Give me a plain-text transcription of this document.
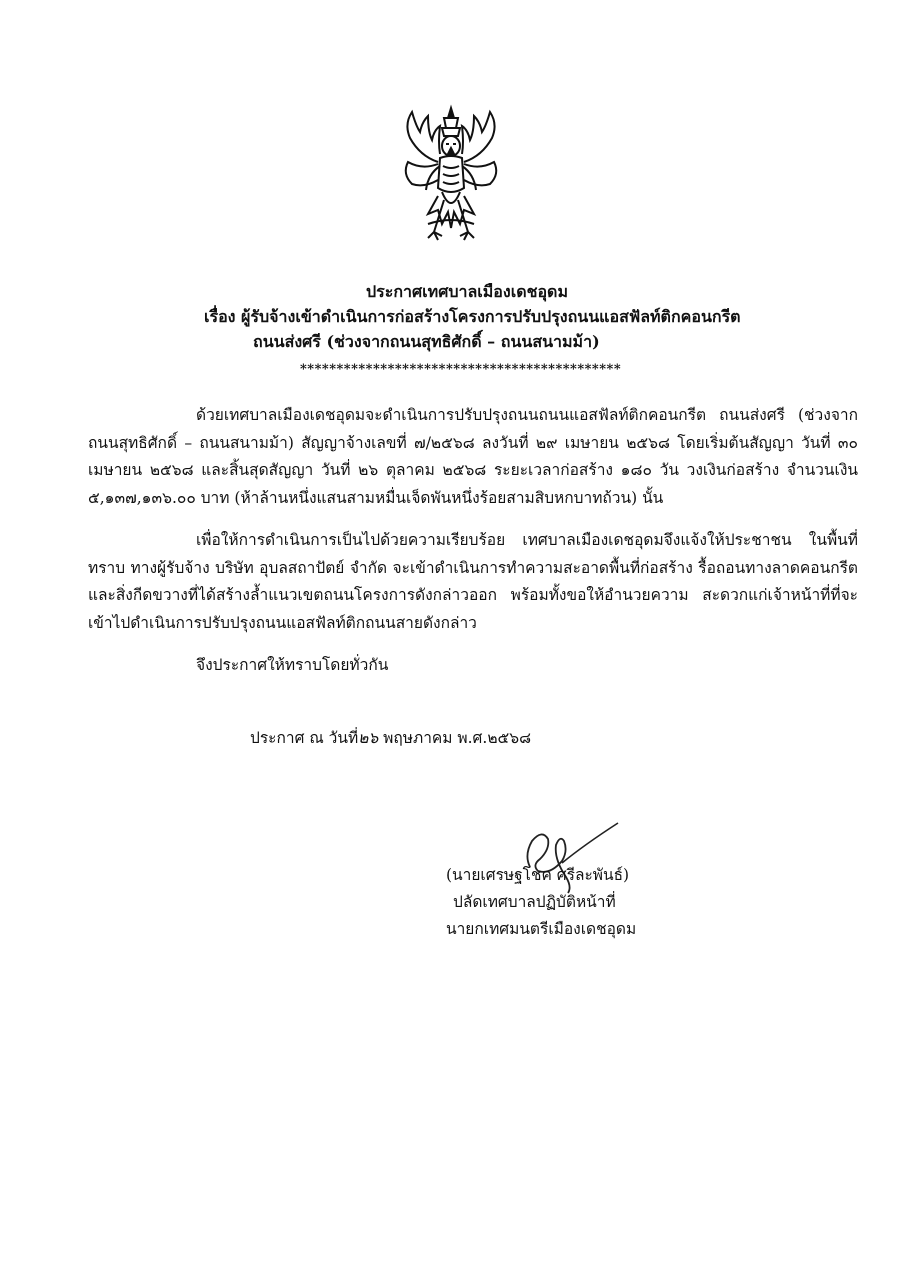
ประกาศเทศบาลเมืองเดชอุดม
เรื่อง ผู้รับจ้างเข้าดำเนินการก่อสร้างโครงการปรับปรุงถนนแอสฟัลท์ติกคอนกรีต
ถนนส่งศรี (ช่วงจากถนนสุทธิศักดิ์ – ถนนสนามม้า)
********************************************
ด้วยเทศบาลเมืองเดชอุดมจะดำเนินการปรับปรุงถนนถนนแอสฟัลท์ติกคอนกรีต ถนนส่งศรี (ช่วงจากถนนสุทธิศักดิ์ – ถนนสนามม้า) สัญญาจ้างเลขที่ ๗/๒๕๖๘ ลงวันที่ ๒๙ เมษายน ๒๕๖๘ โดยเริ่มต้นสัญญา วันที่ ๓๐ เมษายน ๒๕๖๘ และสิ้นสุดสัญญา วันที่ ๒๖ ตุลาคม ๒๕๖๘ ระยะเวลาก่อสร้าง ๑๘๐ วัน วงเงินก่อสร้าง จำนวนเงิน ๕,๑๓๗,๑๓๖.๐๐ บาท (ห้าล้านหนึ่งแสนสามหมื่นเจ็ดพันหนึ่งร้อยสามสิบหกบาทถ้วน) นั้น
เพื่อให้การดำเนินการเป็นไปด้วยความเรียบร้อย เทศบาลเมืองเดชอุดมจึงแจ้งให้ประชาชน ในพื้นที่ทราบ ทางผู้รับจ้าง บริษัท อุบลสถาปัตย์ จำกัด จะเข้าดำเนินการทำความสะอาดพื้นที่ก่อสร้าง รื้อถอนทางลาดคอนกรีต และสิ่งกีดขวางที่ได้สร้างล้ำแนวเขตถนนโครงการดังกล่าวออก พร้อมทั้งขอให้อำนวยความ สะดวกแก่เจ้าหน้าที่ที่จะเข้าไปดำเนินการปรับปรุงถนนแอสฟัลท์ติกถนนสายดังกล่าว
จึงประกาศให้ทราบโดยทั่วกัน
ประกาศ ณ วันที่๒๖ พฤษภาคม พ.ศ.๒๕๖๘
(นายเศรษฐโชค ศรีละพันธ์)
ปลัดเทศบาลปฏิบัติหน้าที่
นายกเทศมนตรีเมืองเดชอุดม
